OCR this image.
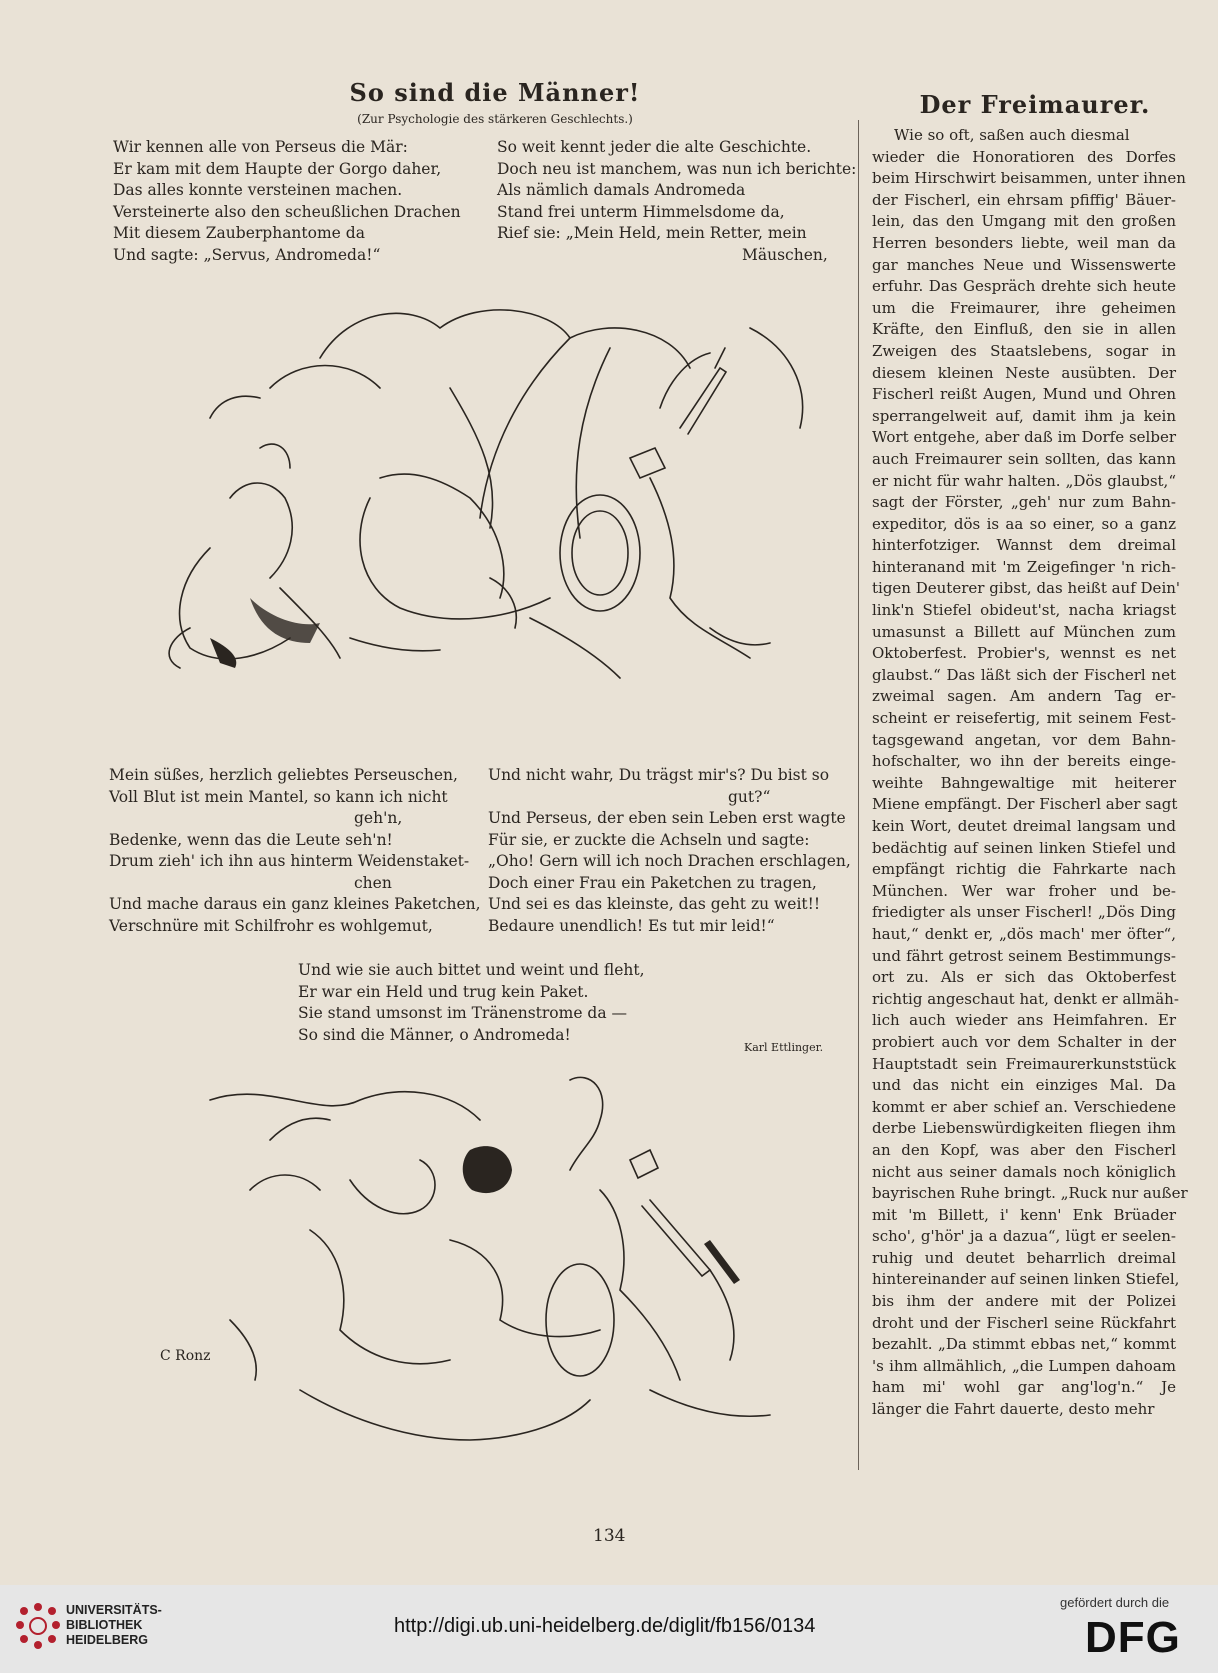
So sind die Männer!
(Zur Psychologie des stärkeren Geschlechts.)
Wir kennen alle von Perseus die Mär:
Er kam mit dem Haupte der Gorgo daher,
Das alles konnte versteinen machen.
Versteinerte also den scheußlichen Drachen
Mit diesem Zauberphantome da
Und sagte: „Servus, Andromeda!“
So weit kennt jeder die alte Geschichte.
Doch neu ist manchem, was nun ich berichte:
Als nämlich damals Andromeda
Stand frei unterm Himmelsdome da,
Rief sie: „Mein Held, mein Retter, mein
Mäuschen,
Mein süßes, herzlich geliebtes Perseuschen,
Voll Blut ist mein Mantel, so kann ich nicht
geh'n,
Bedenke, wenn das die Leute seh'n!
Drum zieh' ich ihn aus hinterm Weidenstaket-
chen
Und mache daraus ein ganz kleines Paketchen,
Verschnüre mit Schilfrohr es wohlgemut,
Und nicht wahr, Du trägst mir's? Du bist so
gut?“
Und Perseus, der eben sein Leben erst wagte
Für sie, er zuckte die Achseln und sagte:
„Oho! Gern will ich noch Drachen erschlagen,
Doch einer Frau ein Paketchen zu tragen,
Und sei es das kleinste, das geht zu weit!!
Bedaure unendlich! Es tut mir leid!“
Und wie sie auch bittet und weint und fleht,
Er war ein Held und trug kein Paket.
Sie stand umsonst im Tränenstrome da —
So sind die Männer, o Andromeda!
Karl Ettlinger.
C Ronz
Der Freimaurer.
Wie so oft, saßen auch diesmal
wieder die Honoratioren des Dorfes
beim Hirschwirt beisammen, unter ihnen
der Fischerl, ein ehrsam pfiffig' Bäuer-
lein, das den Umgang mit den großen
Herren besonders liebte, weil man da
gar manches Neue und Wissenswerte
erfuhr. Das Gespräch drehte sich heute
um die Freimaurer, ihre geheimen
Kräfte, den Einfluß, den sie in allen
Zweigen des Staatslebens, sogar in
diesem kleinen Neste ausübten. Der
Fischerl reißt Augen, Mund und Ohren
sperrangelweit auf, damit ihm ja kein
Wort entgehe, aber daß im Dorfe selber
auch Freimaurer sein sollten, das kann
er nicht für wahr halten. „Dös glaubst,“
sagt der Förster, „geh' nur zum Bahn-
expeditor, dös is aa so einer, so a ganz
hinterfotziger. Wannst dem dreimal
hinteranand mit 'm Zeigefinger 'n rich-
tigen Deuterer gibst, das heißt auf Dein'
link'n Stiefel obideut'st, nacha kriagst
umasunst a Billett auf München zum
Oktoberfest. Probier's, wennst es net
glaubst.“ Das läßt sich der Fischerl net
zweimal sagen. Am andern Tag er-
scheint er reisefertig, mit seinem Fest-
tagsgewand angetan, vor dem Bahn-
hofschalter, wo ihn der bereits einge-
weihte Bahngewaltige mit heiterer
Miene empfängt. Der Fischerl aber sagt
kein Wort, deutet dreimal langsam und
bedächtig auf seinen linken Stiefel und
empfängt richtig die Fahrkarte nach
München. Wer war froher und be-
friedigter als unser Fischerl! „Dös Ding
haut,“ denkt er, „dös mach' mer öfter“,
und fährt getrost seinem Bestimmungs-
ort zu. Als er sich das Oktoberfest
richtig angeschaut hat, denkt er allmäh-
lich auch wieder ans Heimfahren. Er
probiert auch vor dem Schalter in der
Hauptstadt sein Freimaurerkunststück
und das nicht ein einziges Mal. Da
kommt er aber schief an. Verschiedene
derbe Liebenswürdigkeiten fliegen ihm
an den Kopf, was aber den Fischerl
nicht aus seiner damals noch königlich
bayrischen Ruhe bringt. „Ruck nur außer
mit 'm Billett, i' kenn' Enk Brüader
scho', g'hör' ja a dazua“, lügt er seelen-
ruhig und deutet beharrlich dreimal
hintereinander auf seinen linken Stiefel,
bis ihm der andere mit der Polizei
droht und der Fischerl seine Rückfahrt
bezahlt. „Da stimmt ebbas net,“ kommt
's ihm allmählich, „die Lumpen dahoam
ham mi' wohl gar ang'log'n.“ Je
länger die Fahrt dauerte, desto mehr
134
UNIVERSITÄTS-
BIBLIOTHEK
HEIDELBERG
http://digi.ub.uni-heidelberg.de/diglit/fb156/0134
gefördert durch die
DFG
